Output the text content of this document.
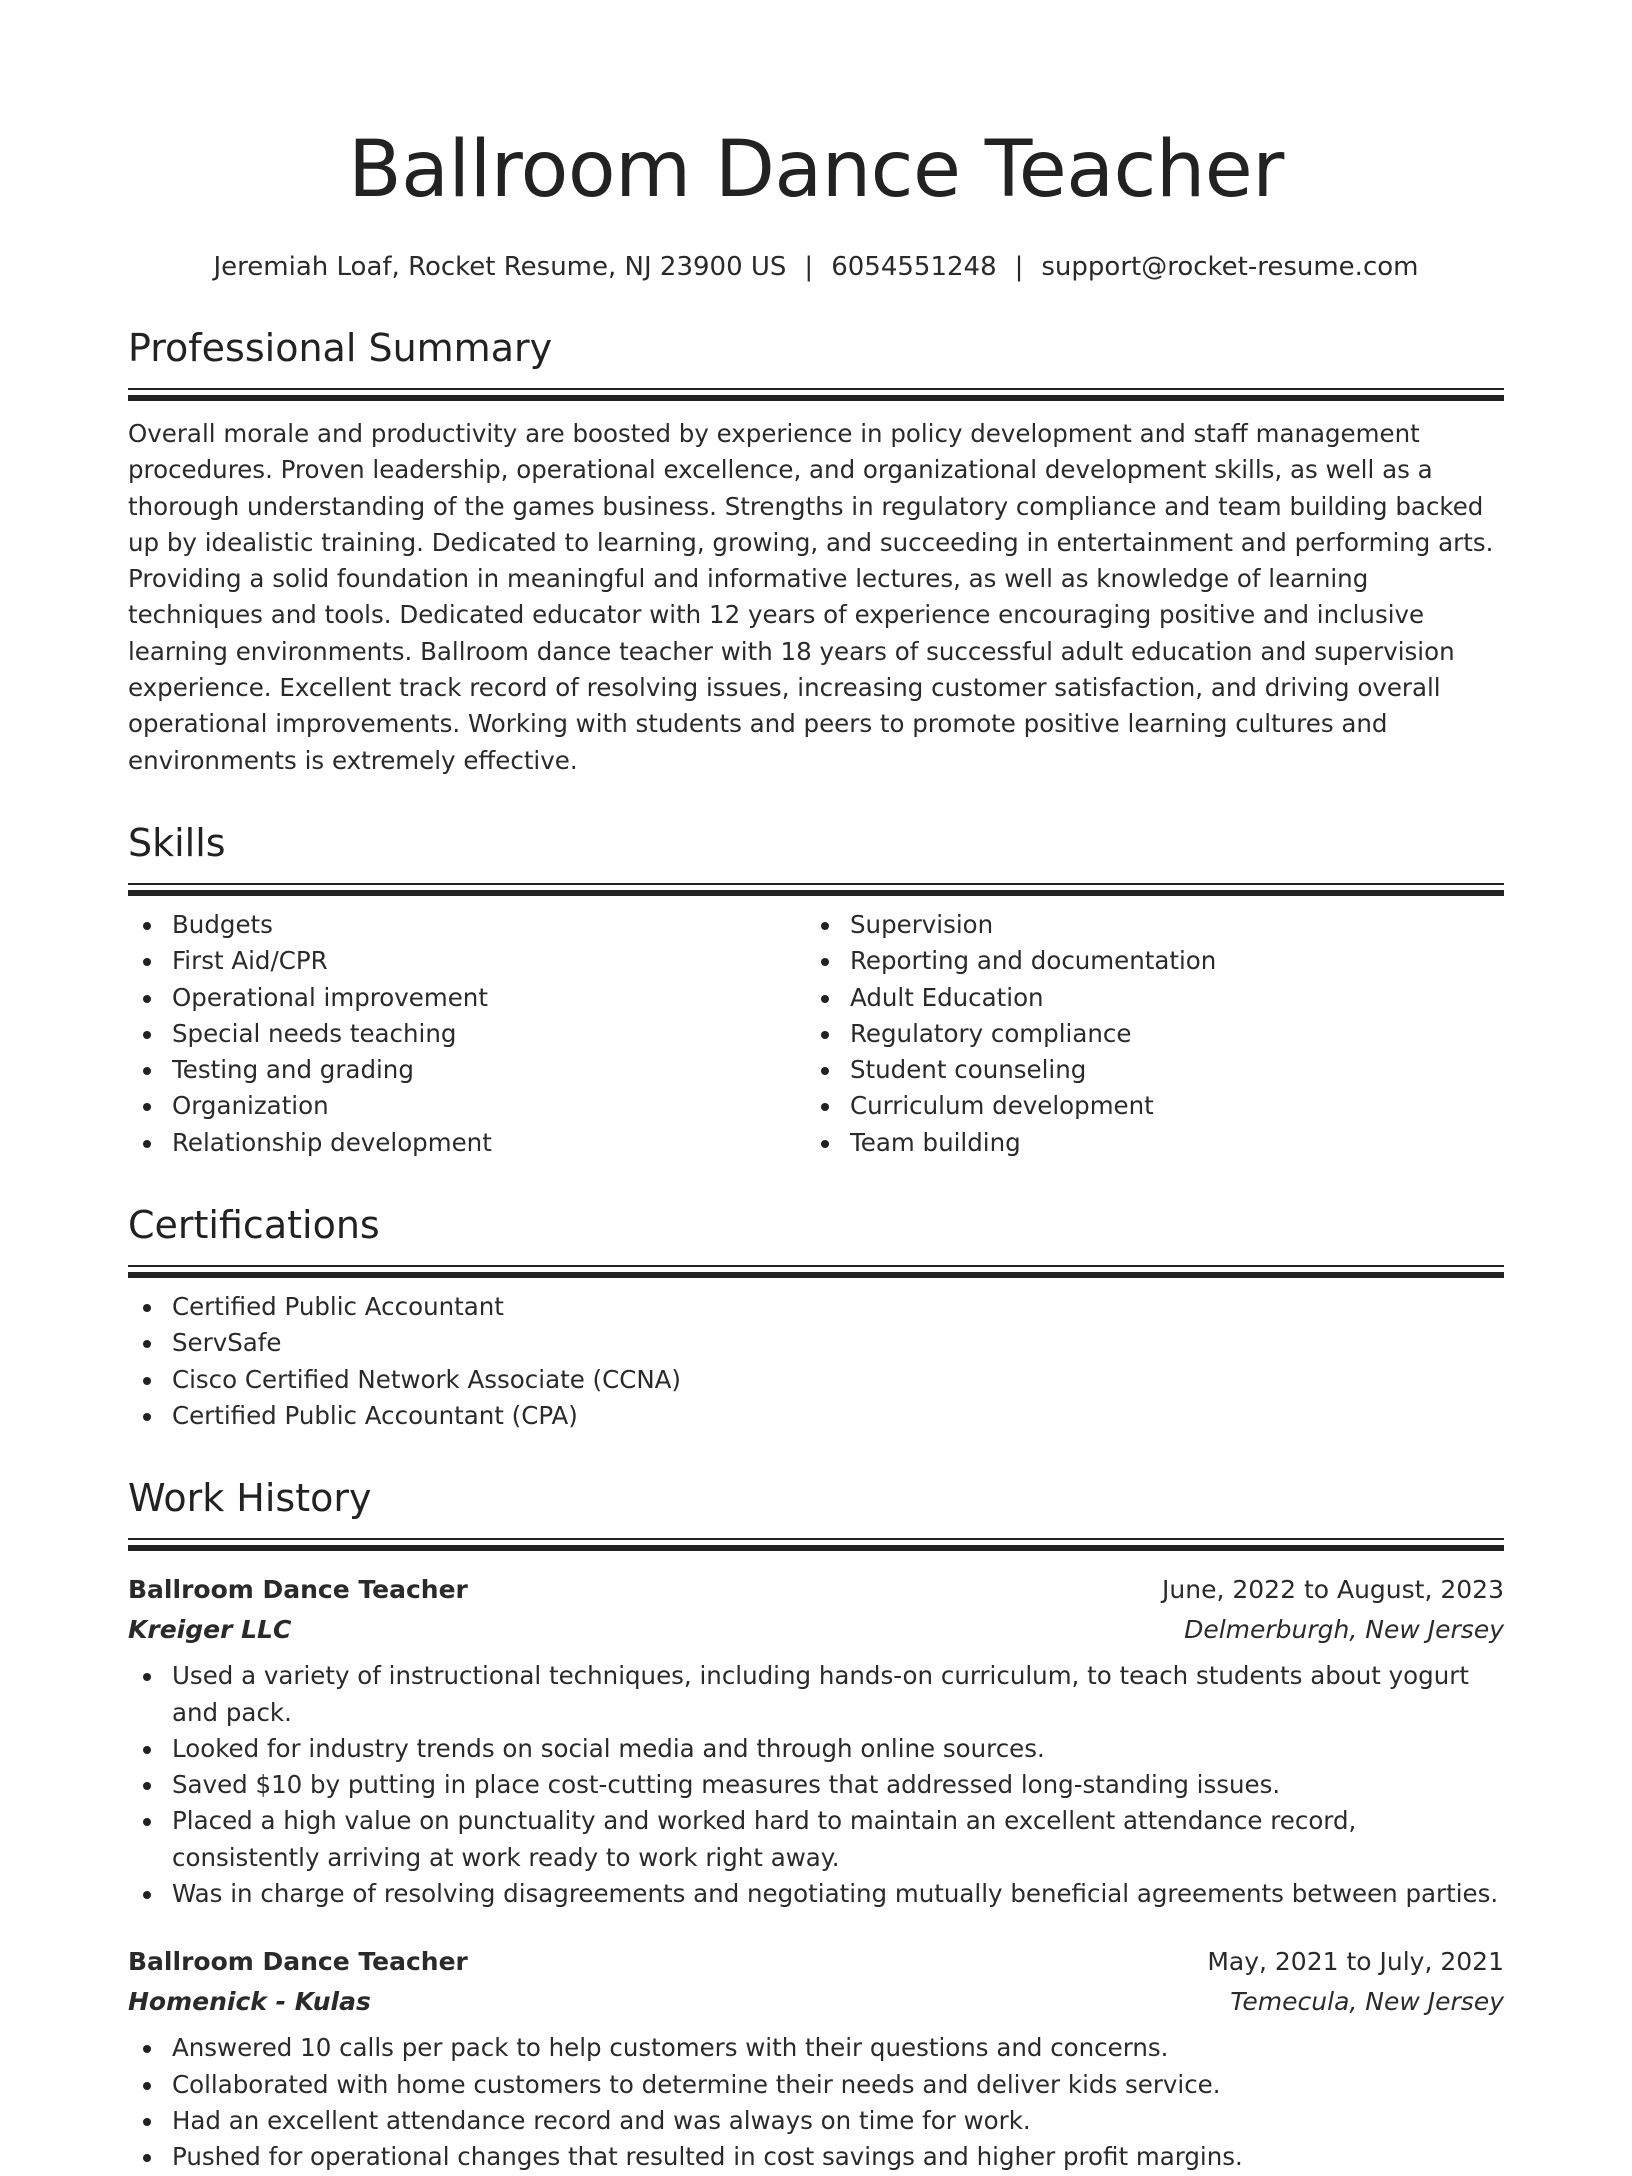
Ballroom Dance Teacher
Jeremiah Loaf, Rocket Resume, NJ 23900 US | 6054551248 | support@rocket-resume.com
Professional Summary
Overall morale and productivity are boosted by experience in policy development and staff management procedures. Proven leadership, operational excellence, and organizational development skills, as well as a thorough understanding of the games business. Strengths in regulatory compliance and team building backed up by idealistic training. Dedicated to learning, growing, and succeeding in entertainment and performing arts. Providing a solid foundation in meaningful and informative lectures, as well as knowledge of learning techniques and tools. Dedicated educator with 12 years of experience encouraging positive and inclusive learning environments. Ballroom dance teacher with 18 years of successful adult education and supervision experience. Excellent track record of resolving issues, increasing customer satisfaction, and driving overall operational improvements. Working with students and peers to promote positive learning cultures and environments is extremely effective.
Skills
Budgets
First Aid/CPR
Operational improvement
Special needs teaching
Testing and grading
Organization
Relationship development
Supervision
Reporting and documentation
Adult Education
Regulatory compliance
Student counseling
Curriculum development
Team building
Certifications
Certified Public Accountant
ServSafe
Cisco Certified Network Associate (CCNA)
Certified Public Accountant (CPA)
Work History
Ballroom Dance Teacher	June, 2022 to August, 2023
Kreiger LLC	Delmerburgh, New Jersey
Used a variety of instructional techniques, including hands-on curriculum, to teach students about yogurt and pack.
Looked for industry trends on social media and through online sources.
Saved $10 by putting in place cost-cutting measures that addressed long-standing issues.
Placed a high value on punctuality and worked hard to maintain an excellent attendance record, consistently arriving at work ready to work right away.
Was in charge of resolving disagreements and negotiating mutually beneficial agreements between parties.
Ballroom Dance Teacher	May, 2021 to July, 2021
Homenick - Kulas	Temecula, New Jersey
Answered 10 calls per pack to help customers with their questions and concerns.
Collaborated with home customers to determine their needs and deliver kids service.
Had an excellent attendance record and was always on time for work.
Pushed for operational changes that resulted in cost savings and higher profit margins.
